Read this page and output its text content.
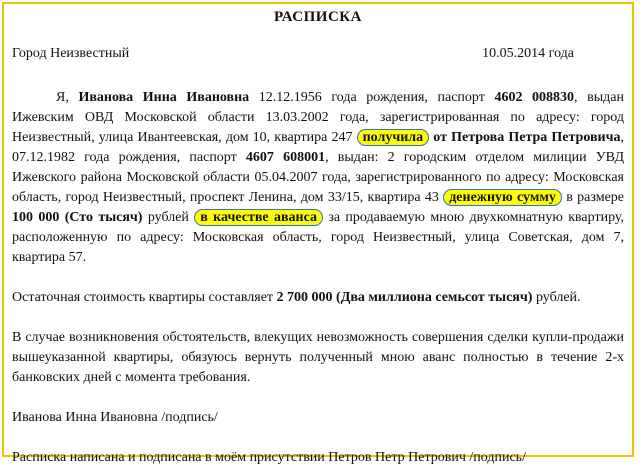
РАСПИСКА
Город Неизвестный	10.05.2014 года

Я, Иванова Инна Ивановна 12.12.1956 года рождения, паспорт 4602 008830, выдан Ижевским ОВД Московской области 13.03.2002 года, зарегистрированная по адресу: город Неизвестный, улица Ивантеевская, дом 10, квартира 247 получила от Петрова Петра Петровича, 07.12.1982 года рождения, паспорт 4607 608001, выдан: 2 городским отделом милиции УВД Ижевского района Московской области 05.04.2007 года, зарегистрированного по адресу: Московская область, город Неизвестный, проспект Ленина, дом 33/15, квартира 43 денежную сумму в размере 100 000 (Сто тысяч) рублей в качестве аванса за продаваемую мною двухкомнатную квартиру, расположенную по адресу: Московская область, город Неизвестный, улица Советская, дом 7, квартира 57.

Остаточная стоимость квартиры составляет 2 700 000 (Два миллиона семьсот тысяч) рублей.

В случае возникновения обстоятельств, влекущих невозможность совершения сделки купли-продажи вышеуказанной квартиры, обязуюсь вернуть полученный мною аванс полностью в течение 2-х банковских дней с момента требования.

Иванова Инна Ивановна /подпись/

Расписка написана и подписана в моём присутствии Петров Петр Петрович /подпись/
